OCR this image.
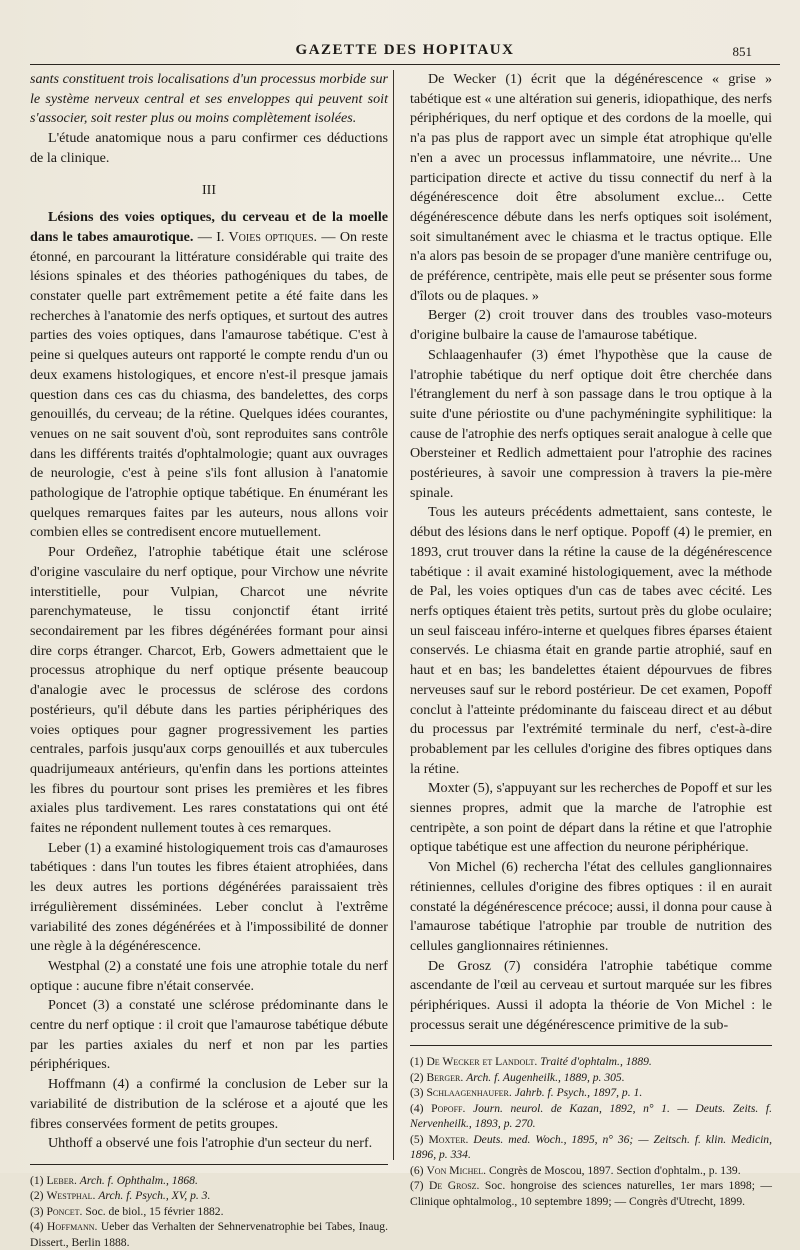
GAZETTE DES HOPITAUX	851

sants constituent trois localisations d'un processus morbide sur le système nerveux central et ses enveloppes qui peuvent soit s'associer, soit rester plus ou moins complètement isolées.

L'étude anatomique nous a paru confirmer ces déductions de la clinique.

III

Lésions des voies optiques, du cerveau et de la moelle dans le tabes amaurotique. — I. Voies optiques. — On reste étonné, en parcourant la littérature considérable qui traite des lésions spinales et des théories pathogéniques du tabes, de constater quelle part extrêmement petite a été faite dans les recherches à l'anatomie des nerfs optiques, et surtout des autres parties des voies optiques, dans l'amaurose tabétique. C'est à peine si quelques auteurs ont rapporté le compte rendu d'un ou deux examens histologiques, et encore n'est-il presque jamais question dans ces cas du chiasma, des bandelettes, des corps genouillés, du cerveau; de la rétine. Quelques idées courantes, venues on ne sait souvent d'où, sont reproduites sans contrôle dans les différents traités d'ophtalmologie; quant aux ouvrages de neurologie, c'est à peine s'ils font allusion à l'anatomie pathologique de l'atrophie optique tabétique. En énumérant les quelques remarques faites par les auteurs, nous allons voir combien elles se contredisent encore mutuellement.

Pour Ordeñez, l'atrophie tabétique était une sclérose d'origine vasculaire du nerf optique, pour Virchow une névrite interstitielle, pour Vulpian, Charcot une névrite parenchymateuse, le tissu conjonctif étant irrité secondairement par les fibres dégénérées formant pour ainsi dire corps étranger. Charcot, Erb, Gowers admettaient que le processus atrophique du nerf optique présente beaucoup d'analogie avec le processus de sclérose des cordons postérieurs, qu'il débute dans les parties périphériques des voies optiques pour gagner progressivement les parties centrales, parfois jusqu'aux corps genouillés et aux tubercules quadrijumeaux antérieurs, qu'enfin dans les portions atteintes les fibres du pourtour sont prises les premières et les fibres axiales plus tardivement. Les rares constatations qui ont été faites ne répondent nullement toutes à ces remarques.

Leber (1) a examiné histologiquement trois cas d'amauroses tabétiques : dans l'un toutes les fibres étaient atrophiées, dans les deux autres les portions dégénérées paraissaient très irrégulièrement disséminées. Leber conclut à l'extrême variabilité des zones dégénérées et à l'impossibilité de donner une règle à la dégénérescence.

Westphal (2) a constaté une fois une atrophie totale du nerf optique : aucune fibre n'était conservée.

Poncet (3) a constaté une sclérose prédominante dans le centre du nerf optique : il croit que l'amaurose tabétique débute par les parties axiales du nerf et non par les parties périphériques.

Hoffmann (4) a confirmé la conclusion de Leber sur la variabilité de distribution de la sclérose et a ajouté que les fibres conservées forment de petits groupes.

Uhthoff a observé une fois l'atrophie d'un secteur du nerf.

(1) Leber. Arch. f. Ophthalm., 1868.

(2) Westphal. Arch. f. Psych., XV, p. 3.

(3) Poncet. Soc. de biol., 15 février 1882.

(4) Hoffmann. Ueber das Verhalten der Sehnervenatrophie bei Tabes, Inaug. Dissert., Berlin 1888.

De Wecker (1) écrit que la dégénérescence « grise » tabétique est « une altération sui generis, idiopathique, des nerfs périphériques, du nerf optique et des cordons de la moelle, qui n'a pas plus de rapport avec un simple état atrophique qu'elle n'en a avec un processus inflammatoire, une névrite... Une participation directe et active du tissu connectif du nerf à la dégénérescence doit être absolument exclue... Cette dégénérescence débute dans les nerfs optiques soit isolément, soit simultanément avec le chiasma et le tractus optique. Elle n'a alors pas besoin de se propager d'une manière centrifuge ou, de préférence, centripète, mais elle peut se présenter sous forme d'îlots ou de plaques. »

Berger (2) croit trouver dans des troubles vaso-moteurs d'origine bulbaire la cause de l'amaurose tabétique.

Schlaagenhaufer (3) émet l'hypothèse que la cause de l'atrophie tabétique du nerf optique doit être cherchée dans l'étranglement du nerf à son passage dans le trou optique à la suite d'une périostite ou d'une pachyméningite syphilitique: la cause de l'atrophie des nerfs optiques serait analogue à celle que Obersteiner et Redlich admettaient pour l'atrophie des racines postérieures, à savoir une compression à travers la pie-mère spinale.

Tous les auteurs précédents admettaient, sans conteste, le début des lésions dans le nerf optique. Popoff (4) le premier, en 1893, crut trouver dans la rétine la cause de la dégénérescence tabétique : il avait examiné histologiquement, avec la méthode de Pal, les voies optiques d'un cas de tabes avec cécité. Les nerfs optiques étaient très petits, surtout près du globe oculaire; un seul faisceau inféro-interne et quelques fibres éparses étaient conservés. Le chiasma était en grande partie atrophié, sauf en haut et en bas; les bandelettes étaient dépourvues de fibres nerveuses sauf sur le rebord postérieur. De cet examen, Popoff conclut à l'atteinte prédominante du faisceau direct et au début du processus par l'extrémité terminale du nerf, c'est-à-dire probablement par les cellules d'origine des fibres optiques dans la rétine.

Moxter (5), s'appuyant sur les recherches de Popoff et sur les siennes propres, admit que la marche de l'atrophie est centripète, a son point de départ dans la rétine et que l'atrophie optique tabétique est une affection du neurone périphérique.

Von Michel (6) rechercha l'état des cellules ganglionnaires rétiniennes, cellules d'origine des fibres optiques : il en aurait constaté la dégénérescence précoce; aussi, il donna pour cause à l'amaurose tabétique l'atrophie par trouble de nutrition des cellules ganglionnaires rétiniennes.

De Grosz (7) considéra l'atrophie tabétique comme ascendante de l'œil au cerveau et surtout marquée sur les fibres périphériques. Aussi il adopta la théorie de Von Michel : le processus serait une dégénérescence primitive de la sub-

(1) De Wecker et Landolt. Traité d'ophtalm., 1889.

(2) Berger. Arch. f. Augenheilk., 1889, p. 305.

(3) Schlaagenhaufer. Jahrb. f. Psych., 1897, p. 1.

(4) Popoff. Journ. neurol. de Kazan, 1892, n° 1. — Deuts. Zeits. f. Nervenheilk., 1893, p. 270.

(5) Moxter. Deuts. med. Woch., 1895, n° 36; — Zeitsch. f. klin. Medicin, 1896, p. 334.

(6) Von Michel. Congrès de Moscou, 1897. Section d'ophtalm., p. 139.

(7) De Grosz. Soc. hongroise des sciences naturelles, 1er mars 1898; — Clinique ophtalmolog., 10 septembre 1899; — Congrès d'Utrecht, 1899.
